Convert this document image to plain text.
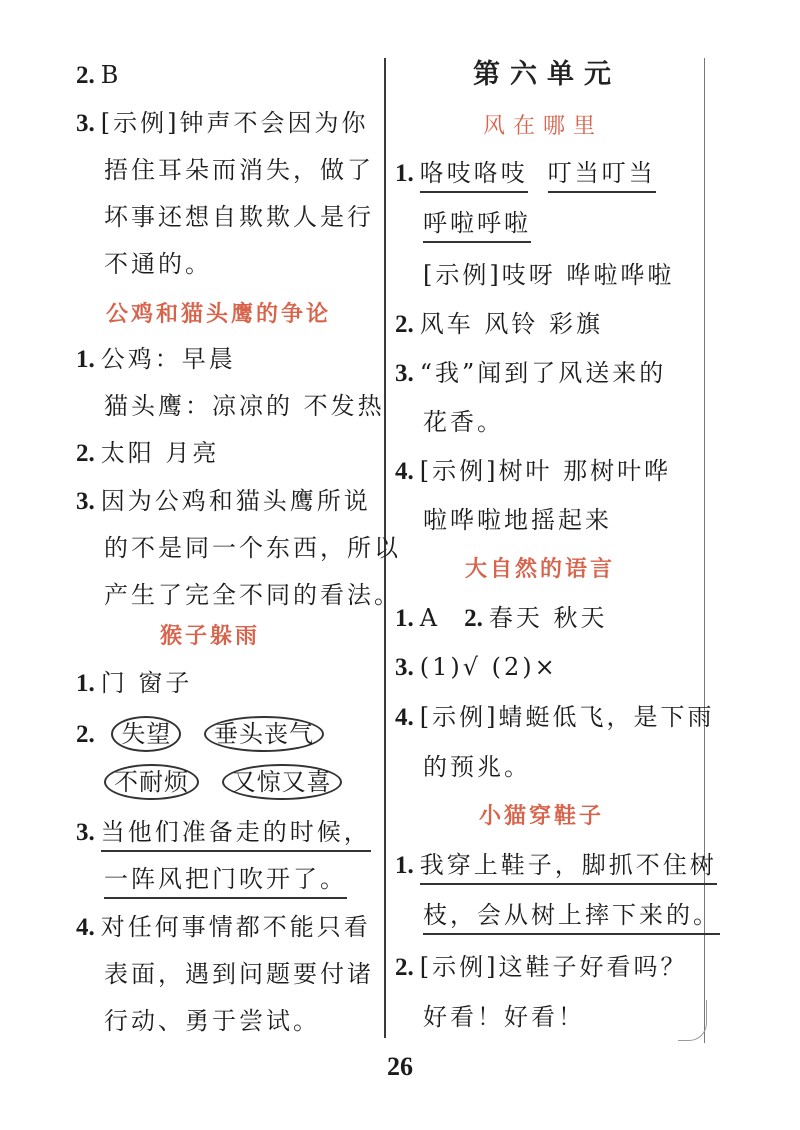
2. B
3. [示例]钟声不会因为你
捂住耳朵而消失，做了
坏事还想自欺欺人是行
不通的。
公鸡和猫头鹰的争论
1. 公鸡：早晨
猫头鹰：凉凉的 不发热
2. 太阳 月亮
3. 因为公鸡和猫头鹰所说
的不是同一个东西，所以
产生了完全不同的看法。
猴子躲雨
1. 门 窗子
2. 失望 垂头丧气
不耐烦 又惊又喜
3. 当他们准备走的时候，
一阵风把门吹开了。
4. 对任何事情都不能只看
表面，遇到问题要付诸
行动、勇于尝试。
第六单元
风在哪里
1. 咯吱咯吱 叮当叮当
呼啦呼啦
[示例]吱呀 哗啦哗啦
2. 风车 风铃 彩旗
3. “我”闻到了风送来的
花香。
4. [示例]树叶 那树叶哗
啦哗啦地摇起来
大自然的语言
1. A 2. 春天 秋天
3. (1)√ (2)×
4. [示例]蜻蜓低飞，是下雨
的预兆。
小猫穿鞋子
1. 我穿上鞋子，脚抓不住树
枝，会从树上摔下来的。
2. [示例]这鞋子好看吗？
好看！好看！
26
